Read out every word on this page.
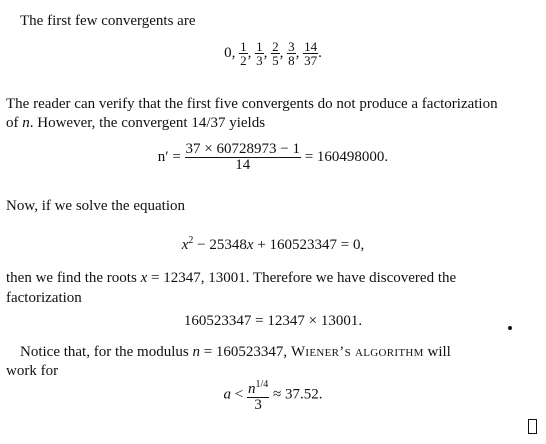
The first few convergents are
0, $\frac{1}{2}$ , $\frac{1}{3}$ , $\frac{2}{5}$ , $\frac{3}{8}$ , $\frac{14}{37}$ .
The reader can verify that the first five convergents do not produce a factorization
of n. However, the convergent 14/37 yields
$n' = \frac{37 \times 60728973 - 1}{14} = 160498000$.
Now, if we solve the equation
$x^2 - 25348x + 160523347 = 0$,
then we find the roots x = 12347, 13001. Therefore we have discovered the
factorization
160523347 = 12347 × 13001.
Notice that, for the modulus n = 160523347, Wiener’s algorithm will
work for
$a < \frac{n^{1/4}}{3} \approx 37.52$.
